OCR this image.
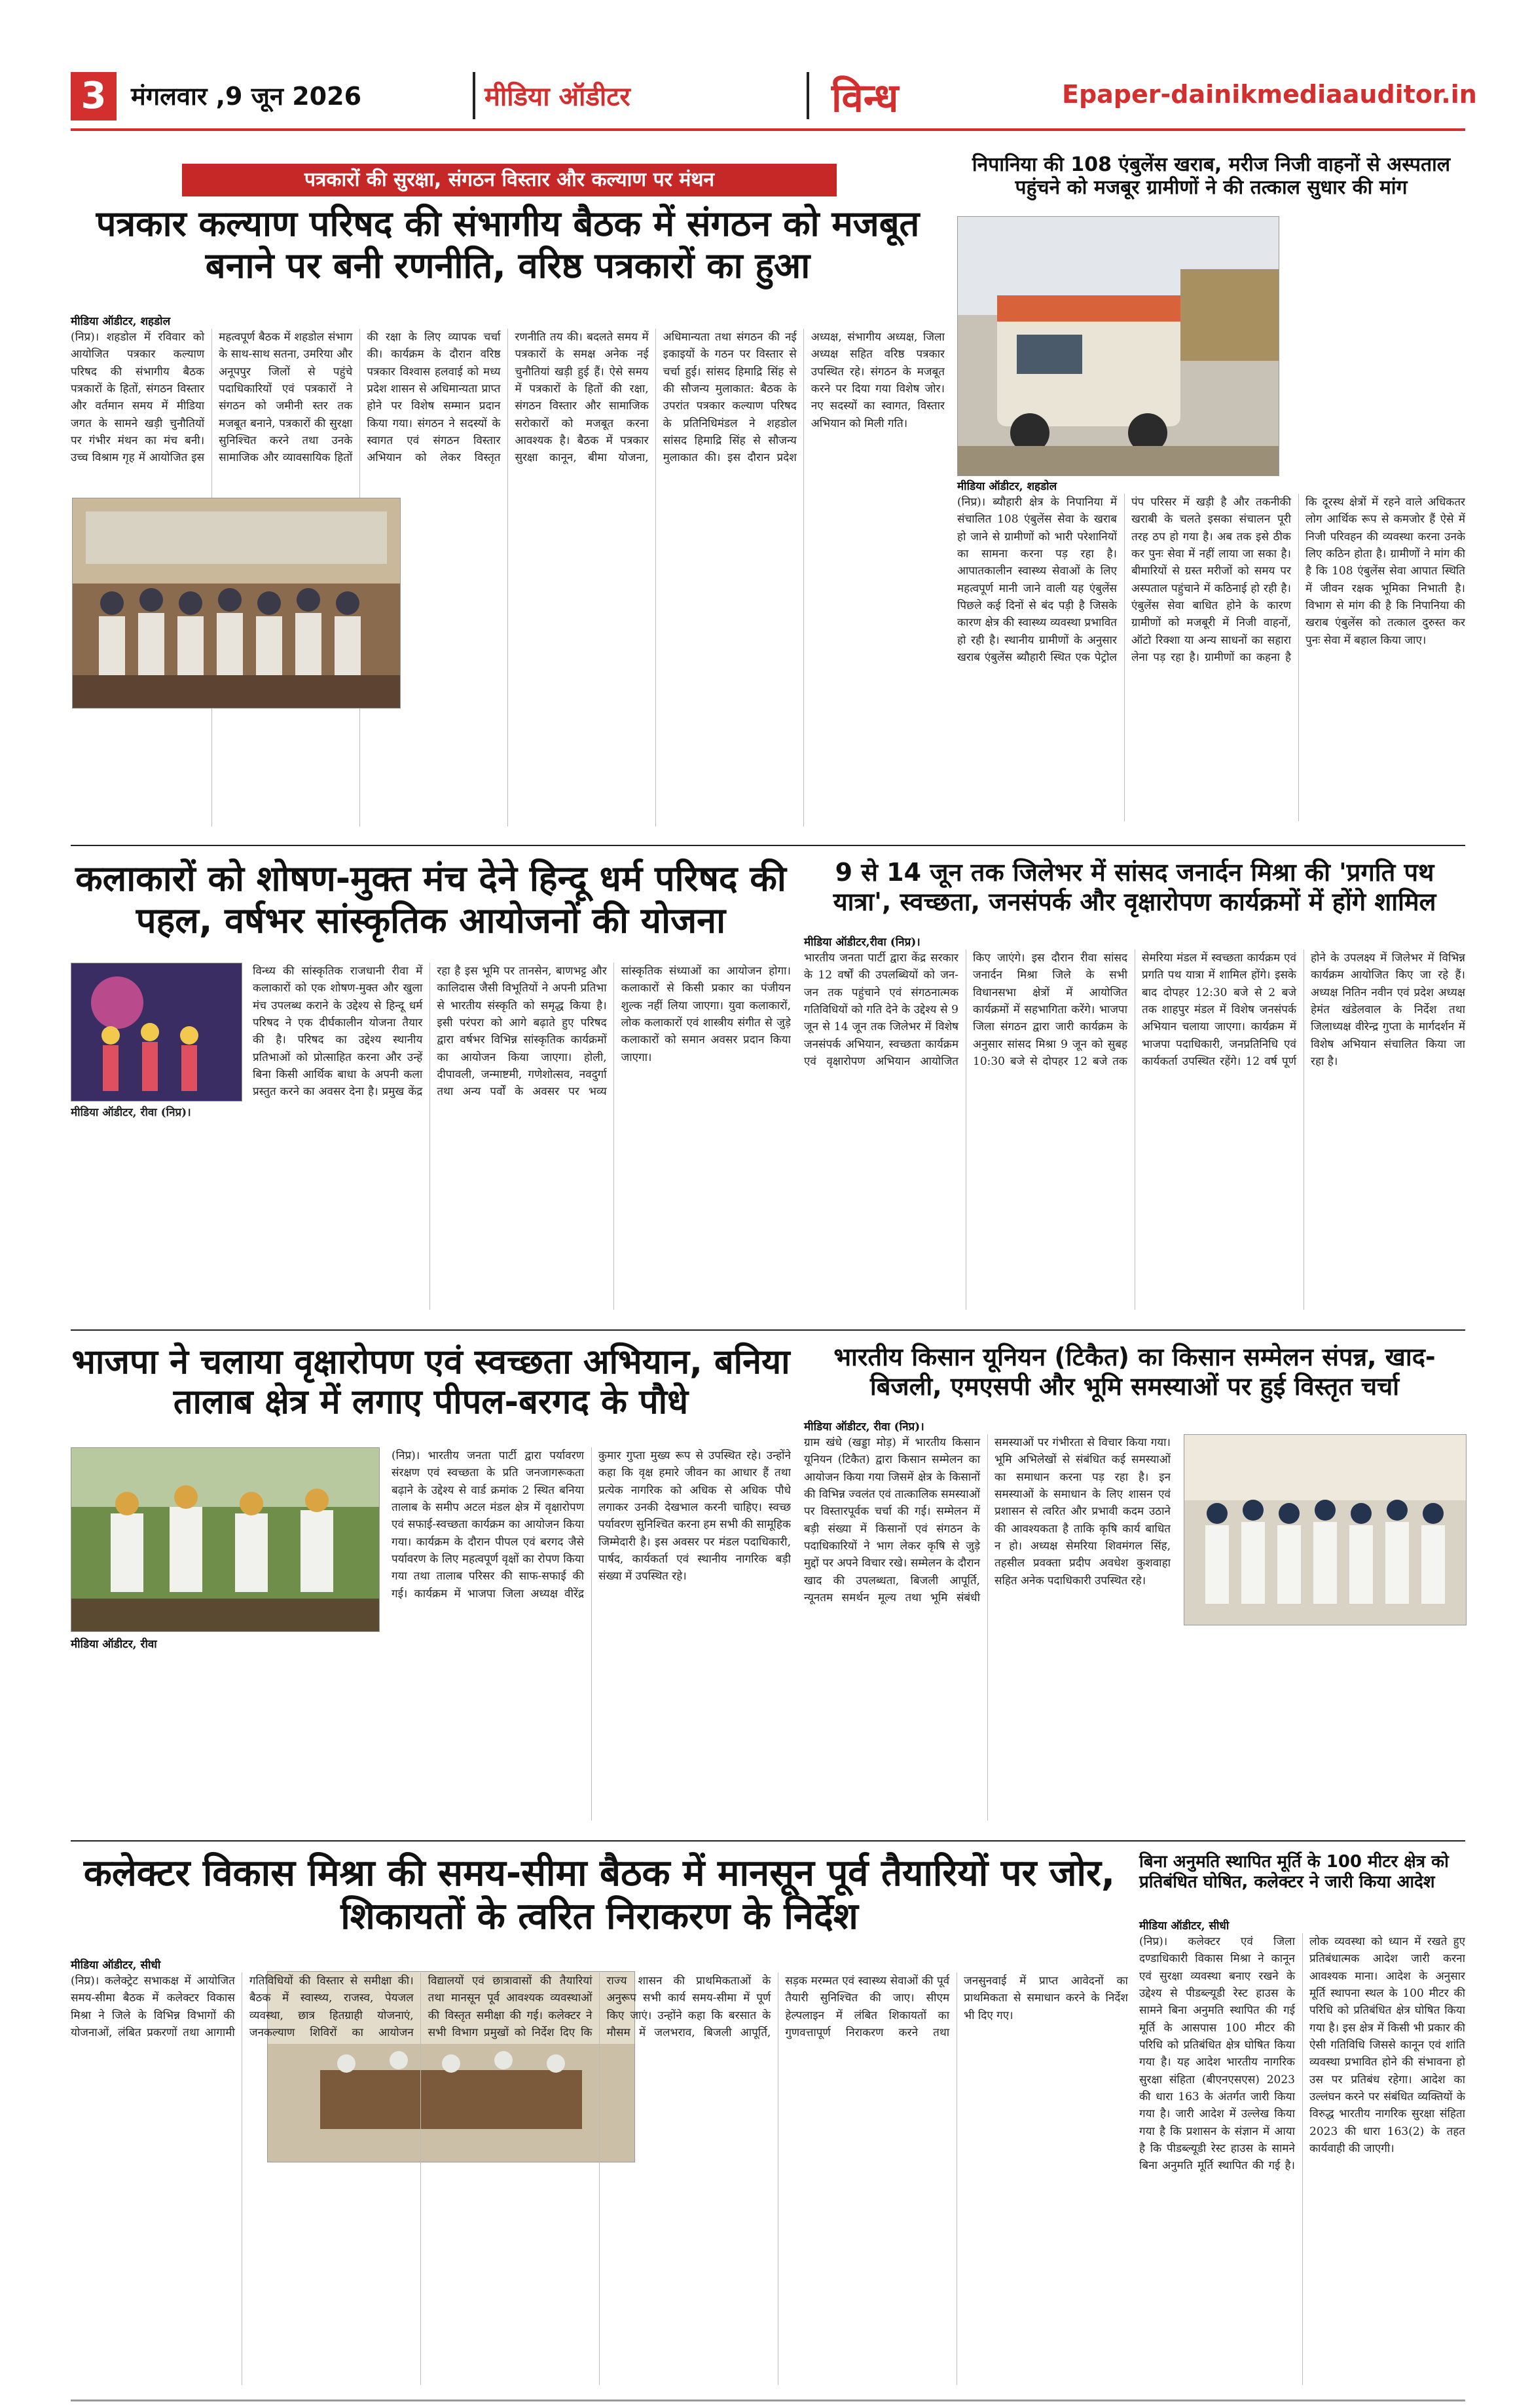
3 मंगलवार ,9 जून 2026	मीडिया ऑडीटर	विन्ध	Epaper-dainikmediaauditor.in
पत्रकारों की सुरक्षा, संगठन विस्तार और कल्याण पर मंथन
पत्रकार कल्याण परिषद की संभागीय बैठक में संगठन को मजबूत बनाने पर बनी रणनीति, वरिष्ठ पत्रकारों का हुआ
मीडिया ऑडीटर, शहडोल
(निप्र)। शहडोल में रविवार को आयोजित पत्रकार कल्याण परिषद की संभागीय बैठक पत्रकारों के हितों, संगठन विस्तार और वर्तमान समय में मीडिया जगत के सामने खड़ी चुनौतियों पर गंभीर मंथन का मंच बनी। उच्च विश्राम गृह में आयोजित इस महत्वपूर्ण बैठक में शहडोल संभाग के साथ-साथ सतना, उमरिया और अनूपपुर जिलों से पहुंचे पदाधिकारियों एवं पत्रकारों ने संगठन को जमीनी स्तर तक मजबूत बनाने, पत्रकारों की सुरक्षा सुनिश्चित करने तथा उनके सामाजिक और व्यावसायिक हितों की रक्षा के लिए व्यापक चर्चा की। कार्यक्रम के दौरान वरिष्ठ पत्रकार विश्वास हलवाई को मध्य प्रदेश शासन से अधिमान्यता प्राप्त होने पर विशेष सम्मान प्रदान किया गया। संगठन ने सदस्यों के स्वागत एवं संगठन विस्तार अभियान को लेकर विस्तृत रणनीति तय की। बदलते समय में पत्रकारों के समक्ष अनेक नई चुनौतियां खड़ी हुई हैं। ऐसे समय में पत्रकारों के हितों की रक्षा, संगठन विस्तार और सामाजिक सरोकारों को मजबूत करना आवश्यक है। बैठक में पत्रकार सुरक्षा कानून, बीमा योजना, अधिमान्यता तथा संगठन की नई इकाइयों के गठन पर विस्तार से चर्चा हुई। सांसद हिमाद्रि सिंह से की सौजन्य मुलाकात: बैठक के उपरांत पत्रकार कल्याण परिषद के प्रतिनिधिमंडल ने शहडोल सांसद हिमाद्रि सिंह से सौजन्य मुलाकात की। इस दौरान प्रदेश अध्यक्ष, संभागीय अध्यक्ष, जिला अध्यक्ष सहित वरिष्ठ पत्रकार उपस्थित रहे। संगठन के मजबूत करने पर दिया गया विशेष जोर। नए सदस्यों का स्वागत, विस्तार अभियान को मिली गति।
निपानिया की 108 एंबुलेंस खराब, मरीज निजी वाहनों से अस्पताल पहुंचने को मजबूर ग्रामीणों ने की तत्काल सुधार की मांग
मीडिया ऑडीटर, शहडोल
(निप्र)। ब्यौहारी क्षेत्र के निपानिया में संचालित 108 एंबुलेंस सेवा के खराब हो जाने से ग्रामीणों को भारी परेशानियों का सामना करना पड़ रहा है। आपातकालीन स्वास्थ्य सेवाओं के लिए महत्वपूर्ण मानी जाने वाली यह एंबुलेंस पिछले कई दिनों से बंद पड़ी है जिसके कारण क्षेत्र की स्वास्थ्य व्यवस्था प्रभावित हो रही है। स्थानीय ग्रामीणों के अनुसार खराब एंबुलेंस ब्यौहारी स्थित एक पेट्रोल पंप परिसर में खड़ी है और तकनीकी खराबी के चलते इसका संचालन पूरी तरह ठप हो गया है। अब तक इसे ठीक कर पुनः सेवा में नहीं लाया जा सका है। बीमारियों से ग्रस्त मरीजों को समय पर अस्पताल पहुंचाने में कठिनाई हो रही है। एंबुलेंस सेवा बाधित होने के कारण ग्रामीणों को मजबूरी में निजी वाहनों, ऑटो रिक्शा या अन्य साधनों का सहारा लेना पड़ रहा है। ग्रामीणों का कहना है कि दूरस्थ क्षेत्रों में रहने वाले अधिकतर लोग आर्थिक रूप से कमजोर हैं ऐसे में निजी परिवहन की व्यवस्था करना उनके लिए कठिन होता है। ग्रामीणों ने मांग की है कि 108 एंबुलेंस सेवा आपात स्थिति में जीवन रक्षक भूमिका निभाती है। विभाग से मांग की है कि निपानिया की खराब एंबुलेंस को तत्काल दुरुस्त कर पुनः सेवा में बहाल किया जाए।
कलाकारों को शोषण-मुक्त मंच देने हिन्दू धर्म परिषद की पहल, वर्षभर सांस्कृतिक आयोजनों की योजना
मीडिया ऑडीटर, रीवा (निप्र)।
विन्ध्य की सांस्कृतिक राजधानी रीवा में कलाकारों को एक शोषण-मुक्त और खुला मंच उपलब्ध कराने के उद्देश्य से हिन्दू धर्म परिषद ने एक दीर्घकालीन योजना तैयार की है। परिषद का उद्देश्य स्थानीय प्रतिभाओं को प्रोत्साहित करना और उन्हें बिना किसी आर्थिक बाधा के अपनी कला प्रस्तुत करने का अवसर देना है। प्रमुख केंद्र रहा है इस भूमि पर तानसेन, बाणभट्ट और कालिदास जैसी विभूतियों ने अपनी प्रतिभा से भारतीय संस्कृति को समृद्ध किया है। इसी परंपरा को आगे बढ़ाते हुए परिषद द्वारा वर्षभर विभिन्न सांस्कृतिक कार्यक्रमों का आयोजन किया जाएगा। होली, दीपावली, जन्माष्टमी, गणेशोत्सव, नवदुर्गा तथा अन्य पर्वों के अवसर पर भव्य सांस्कृतिक संध्याओं का आयोजन होगा। कलाकारों से किसी प्रकार का पंजीयन शुल्क नहीं लिया जाएगा। युवा कलाकारों, लोक कलाकारों एवं शास्त्रीय संगीत से जुड़े कलाकारों को समान अवसर प्रदान किया जाएगा।
9 से 14 जून तक जिलेभर में सांसद जनार्दन मिश्रा की 'प्रगति पथ यात्रा', स्वच्छता, जनसंपर्क और वृक्षारोपण कार्यक्रमों में होंगे शामिल
मीडिया ऑडीटर,रीवा (निप्र)।
भारतीय जनता पार्टी द्वारा केंद्र सरकार के 12 वर्षों की उपलब्धियों को जन-जन तक पहुंचाने एवं संगठनात्मक गतिविधियों को गति देने के उद्देश्य से 9 जून से 14 जून तक जिलेभर में विशेष जनसंपर्क अभियान, स्वच्छता कार्यक्रम एवं वृक्षारोपण अभियान आयोजित किए जाएंगे। इस दौरान रीवा सांसद जनार्दन मिश्रा जिले के सभी विधानसभा क्षेत्रों में आयोजित कार्यक्रमों में सहभागिता करेंगे। भाजपा जिला संगठन द्वारा जारी कार्यक्रम के अनुसार सांसद मिश्रा 9 जून को सुबह 10:30 बजे से दोपहर 12 बजे तक सेमरिया मंडल में स्वच्छता कार्यक्रम एवं प्रगति पथ यात्रा में शामिल होंगे। इसके बाद दोपहर 12:30 बजे से 2 बजे तक शाहपुर मंडल में विशेष जनसंपर्क अभियान चलाया जाएगा। कार्यक्रम में भाजपा पदाधिकारी, जनप्रतिनिधि एवं कार्यकर्ता उपस्थित रहेंगे। 12 वर्ष पूर्ण होने के उपलक्ष्य में जिलेभर में विभिन्न कार्यक्रम आयोजित किए जा रहे हैं। अध्यक्ष नितिन नवीन एवं प्रदेश अध्यक्ष हेमंत खंडेलवाल के निर्देश तथा जिलाध्यक्ष वीरेन्द्र गुप्ता के मार्गदर्शन में विशेष अभियान संचालित किया जा रहा है।
भाजपा ने चलाया वृक्षारोपण एवं स्वच्छता अभियान, बनिया तालाब क्षेत्र में लगाए पीपल-बरगद के पौधे
मीडिया ऑडीटर, रीवा
(निप्र)। भारतीय जनता पार्टी द्वारा पर्यावरण संरक्षण एवं स्वच्छता के प्रति जनजागरूकता बढ़ाने के उद्देश्य से वार्ड क्रमांक 2 स्थित बनिया तालाब के समीप अटल मंडल क्षेत्र में वृक्षारोपण एवं सफाई-स्वच्छता कार्यक्रम का आयोजन किया गया। कार्यक्रम के दौरान पीपल एवं बरगद जैसे पर्यावरण के लिए महत्वपूर्ण वृक्षों का रोपण किया गया तथा तालाब परिसर की साफ-सफाई की गई। कार्यक्रम में भाजपा जिला अध्यक्ष वीरेंद्र कुमार गुप्ता मुख्य रूप से उपस्थित रहे। उन्होंने कहा कि वृक्ष हमारे जीवन का आधार हैं तथा प्रत्येक नागरिक को अधिक से अधिक पौधे लगाकर उनकी देखभाल करनी चाहिए। स्वच्छ पर्यावरण सुनिश्चित करना हम सभी की सामूहिक जिम्मेदारी है। इस अवसर पर मंडल पदाधिकारी, पार्षद, कार्यकर्ता एवं स्थानीय नागरिक बड़ी संख्या में उपस्थित रहे।
भारतीय किसान यूनियन (टिकैत) का किसान सम्मेलन संपन्न, खाद-बिजली, एमएसपी और भूमि समस्याओं पर हुई विस्तृत चर्चा
मीडिया ऑडीटर, रीवा (निप्र)।
ग्राम खंधे (खड्डा मोड़) में भारतीय किसान यूनियन (टिकैत) द्वारा किसान सम्मेलन का आयोजन किया गया जिसमें क्षेत्र के किसानों की विभिन्न ज्वलंत एवं तात्कालिक समस्याओं पर विस्तारपूर्वक चर्चा की गई। सम्मेलन में बड़ी संख्या में किसानों एवं संगठन के पदाधिकारियों ने भाग लेकर कृषि से जुड़े मुद्दों पर अपने विचार रखे। सम्मेलन के दौरान खाद की उपलब्धता, बिजली आपूर्ति, न्यूनतम समर्थन मूल्य तथा भूमि संबंधी समस्याओं पर गंभीरता से विचार किया गया। भूमि अभिलेखों से संबंधित कई समस्याओं का समाधान करना पड़ रहा है। इन समस्याओं के समाधान के लिए शासन एवं प्रशासन से त्वरित और प्रभावी कदम उठाने की आवश्यकता है ताकि कृषि कार्य बाधित न हो। अध्यक्ष सेमरिया शिवमंगल सिंह, तहसील प्रवक्ता प्रदीप अवधेश कुशवाहा सहित अनेक पदाधिकारी उपस्थित रहे।
कलेक्टर विकास मिश्रा की समय-सीमा बैठक में मानसून पूर्व तैयारियों पर जोर, शिकायतों के त्वरित निराकरण के निर्देश
मीडिया ऑडीटर, सीधी
(निप्र)। कलेक्ट्रेट सभाकक्ष में आयोजित समय-सीमा बैठक में कलेक्टर विकास मिश्रा ने जिले के विभिन्न विभागों की योजनाओं, लंबित प्रकरणों तथा आगामी गतिविधियों की विस्तार से समीक्षा की। बैठक में स्वास्थ्य, राजस्व, पेयजल व्यवस्था, छात्र हितग्राही योजनाएं, जनकल्याण शिविरों का आयोजन विद्यालयों एवं छात्रावासों की तैयारियां तथा मानसून पूर्व आवश्यक व्यवस्थाओं की विस्तृत समीक्षा की गई। कलेक्टर ने सभी विभाग प्रमुखों को निर्देश दिए कि राज्य शासन की प्राथमिकताओं के अनुरूप सभी कार्य समय-सीमा में पूर्ण किए जाएं। उन्होंने कहा कि बरसात के मौसम में जलभराव, बिजली आपूर्ति, सड़क मरम्मत एवं स्वास्थ्य सेवाओं की पूर्व तैयारी सुनिश्चित की जाए। सीएम हेल्पलाइन में लंबित शिकायतों का गुणवत्तापूर्ण निराकरण करने तथा जनसुनवाई में प्राप्त आवेदनों का प्राथमिकता से समाधान करने के निर्देश भी दिए गए।
बिना अनुमति स्थापित मूर्ति के 100 मीटर क्षेत्र को प्रतिबंधित घोषित, कलेक्टर ने जारी किया आदेश
मीडिया ऑडीटर, सीधी
(निप्र)। कलेक्टर एवं जिला दण्डाधिकारी विकास मिश्रा ने कानून एवं सुरक्षा व्यवस्था बनाए रखने के उद्देश्य से पीडब्ल्यूडी रेस्ट हाउस के सामने बिना अनुमति स्थापित की गई मूर्ति के आसपास 100 मीटर की परिधि को प्रतिबंधित क्षेत्र घोषित किया गया है। यह आदेश भारतीय नागरिक सुरक्षा संहिता (बीएनएसएस) 2023 की धारा 163 के अंतर्गत जारी किया गया है। जारी आदेश में उल्लेख किया गया है कि प्रशासन के संज्ञान में आया है कि पीडब्ल्यूडी रेस्ट हाउस के सामने बिना अनुमति मूर्ति स्थापित की गई है। लोक व्यवस्था को ध्यान में रखते हुए प्रतिबंधात्मक आदेश जारी करना आवश्यक माना। आदेश के अनुसार मूर्ति स्थापना स्थल के 100 मीटर की परिधि को प्रतिबंधित क्षेत्र घोषित किया गया है। इस क्षेत्र में किसी भी प्रकार की ऐसी गतिविधि जिससे कानून एवं शांति व्यवस्था प्रभावित होने की संभावना हो उस पर प्रतिबंध रहेगा। आदेश का उल्लंघन करने पर संबंधित व्यक्तियों के विरुद्ध भारतीय नागरिक सुरक्षा संहिता 2023 की धारा 163(2) के तहत कार्यवाही की जाएगी।
